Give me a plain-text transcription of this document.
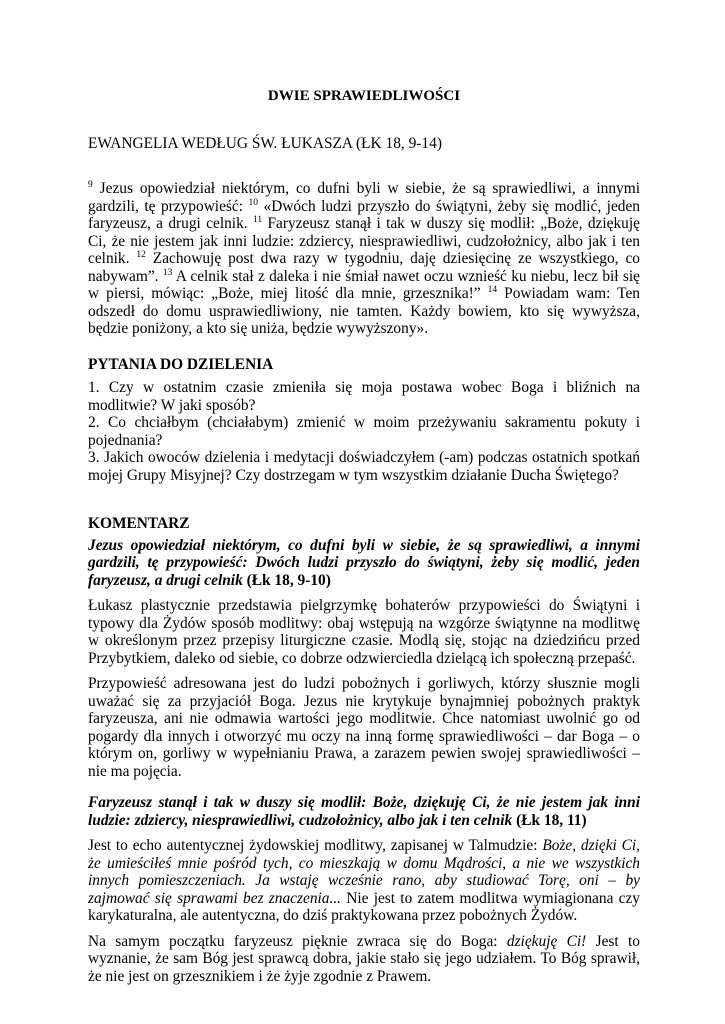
DWIE SPRAWIEDLIWOŚCI

EWANGELIA WEDŁUG ŚW. ŁUKASZA (ŁK 18, 9-14)

$^9$ Jezus opowiedział niektórym, co dufni byli w siebie, że są sprawiedliwi, a innymi gardzili, tę przypowieść: $^{10}$ «Dwóch ludzi przyszło do świątyni, żeby się modlić, jeden faryzeusz, a drugi celnik. $^{11}$ Faryzeusz stanął i tak w duszy się modlił: „Boże, dziękuję Ci, że nie jestem jak inni ludzie: zdziercy, niesprawiedliwi, cudzołożnicy, albo jak i ten celnik. $^{12}$ Zachowuję post dwa razy w tygodniu, daję dziesięcinę ze wszystkiego, co nabywam”. $^{13}$ A celnik stał z daleka i nie śmiał nawet oczu wznieść ku niebu, lecz bił się w piersi, mówiąc: „Boże, miej litość dla mnie, grzesznika!” $^{14}$ Powiadam wam: Ten odszedł do domu usprawiedliwiony, nie tamten. Każdy bowiem, kto się wywyższa, będzie poniżony, a kto się uniża, będzie wywyższony».

PYTANIA DO DZIELENIA

1. Czy w ostatnim czasie zmieniła się moja postawa wobec Boga i bliźnich na modlitwie? W jaki sposób?

2. Co chciałbym (chciałabym) zmienić w moim przeżywaniu sakramentu pokuty i pojednania?

3. Jakich owoców dzielenia i medytacji doświadczyłem (-am) podczas ostatnich spotkań mojej Grupy Misyjnej? Czy dostrzegam w tym wszystkim działanie Ducha Świętego?

KOMENTARZ

Jezus opowiedział niektórym, co dufni byli w siebie, że są sprawiedliwi, a innymi gardzili, tę przypowieść: Dwóch ludzi przyszło do świątyni, żeby się modlić, jeden faryzeusz, a drugi celnik (Łk 18, 9-10)

Łukasz plastycznie przedstawia pielgrzymkę bohaterów przypowieści do Świątyni i typowy dla Żydów sposób modlitwy: obaj wstępują na wzgórze świątynne na modlitwę w określonym przez przepisy liturgiczne czasie. Modlą się, stojąc na dziedzińcu przed Przybytkiem, daleko od siebie, co dobrze odzwierciedla dzielącą ich społeczną przepaść.

Przypowieść adresowana jest do ludzi pobożnych i gorliwych, którzy słusznie mogli uważać się za przyjaciół Boga. Jezus nie krytykuje bynajmniej pobożnych praktyk faryzeusza, ani nie odmawia wartości jego modlitwie. Chce natomiast uwolnić go od pogardy dla innych i otworzyć mu oczy na inną formę sprawiedliwości – dar Boga – o którym on, gorliwy w wypełnianiu Prawa, a zarazem pewien swojej sprawiedliwości – nie ma pojęcia.

Faryzeusz stanął i tak w duszy się modlił: Boże, dziękuję Ci, że nie jestem jak inni ludzie: zdziercy, niesprawiedliwi, cudzołożnicy, albo jak i ten celnik (Łk 18, 11)

Jest to echo autentycznej żydowskiej modlitwy, zapisanej w Talmudzie: Boże, dzięki Ci, że umieściłeś mnie pośród tych, co mieszkają w domu Mądrości, a nie we wszystkich innych pomieszczeniach. Ja wstaję wcześnie rano, aby studiować Torę, oni – by zajmować się sprawami bez znaczenia... Nie jest to zatem modlitwa wymiagionana czy karykaturalna, ale autentyczna, do dziś praktykowana przez pobożnych Żydów.

Na samym początku faryzeusz pięknie zwraca się do Boga: dziękuję Ci! Jest to wyznanie, że sam Bóg jest sprawcą dobra, jakie stało się jego udziałem. To Bóg sprawił, że nie jest on grzesznikiem i że żyje zgodnie z Prawem.
